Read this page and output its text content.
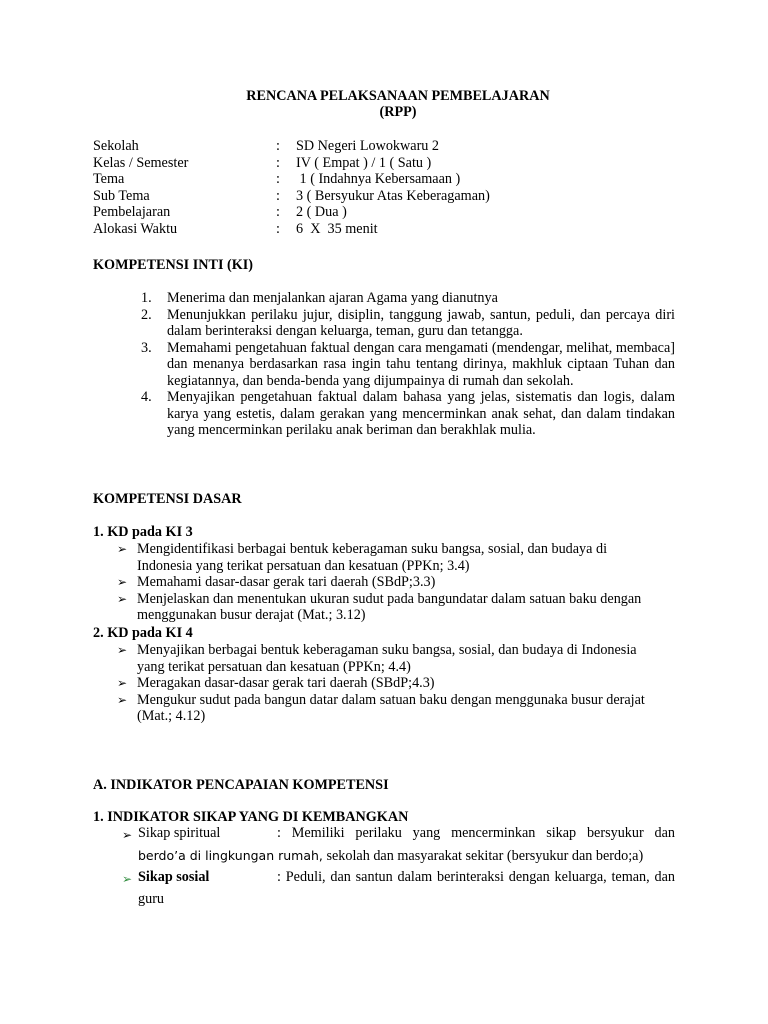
RENCANA PELAKSANAAN PEMBELAJARAN
(RPP)
Sekolah	: SD Negeri Lowokwaru 2
Kelas / Semester	: IV ( Empat ) / 1 ( Satu )
Tema	: 1 ( Indahnya Kebersamaan )
Sub Tema	: 3 ( Bersyukur Atas Keberagaman)
Pembelajaran	: 2 ( Dua )
Alokasi Waktu	: 6  X  35 menit
KOMPETENSI INTI (KI)
1. Menerima dan menjalankan ajaran Agama yang dianutnya
2. Menunjukkan perilaku jujur, disiplin, tanggung jawab, santun, peduli, dan percaya diri dalam berinteraksi dengan keluarga, teman, guru dan tetangga.
3. Memahami pengetahuan faktual dengan cara mengamati (mendengar, melihat, membaca] dan menanya berdasarkan rasa ingin tahu tentang dirinya, makhluk ciptaan Tuhan dan kegiatannya, dan benda-benda yang dijumpainya di rumah dan sekolah.
4. Menyajikan pengetahuan faktual dalam bahasa yang jelas, sistematis dan logis, dalam karya yang estetis, dalam gerakan yang mencerminkan anak sehat, dan dalam tindakan yang mencerminkan perilaku anak beriman dan berakhlak mulia.
KOMPETENSI DASAR
1. KD pada KI 3
➢ Mengidentifikasi berbagai bentuk keberagaman suku bangsa, sosial, dan budaya di Indonesia yang terikat persatuan dan kesatuan (PPKn; 3.4)
➢ Memahami dasar-dasar gerak tari daerah (SBdP;3.3)
➢ Menjelaskan dan menentukan ukuran sudut pada bangundatar dalam satuan baku dengan menggunakan busur derajat (Mat.; 3.12)
2. KD pada KI 4
➢ Menyajikan berbagai bentuk keberagaman suku bangsa, sosial, dan budaya di Indonesia yang terikat persatuan dan kesatuan (PPKn; 4.4)
➢ Meragakan dasar-dasar gerak tari daerah (SBdP;4.3)
➢ Mengukur sudut pada bangun datar dalam satuan baku dengan menggunaka busur derajat (Mat.; 4.12)
A. INDIKATOR PENCAPAIAN KOMPETENSI
1. INDIKATOR SIKAP YANG DI KEMBANGKAN
➢ Sikap spiritual	: Memiliki perilaku yang mencerminkan sikap bersyukur dan berdo’a di lingkungan rumah, sekolah dan masyarakat sekitar (bersyukur dan berdo;a)
➢ Sikap sosial	: Peduli, dan santun dalam berinteraksi dengan keluarga, teman, dan guru
